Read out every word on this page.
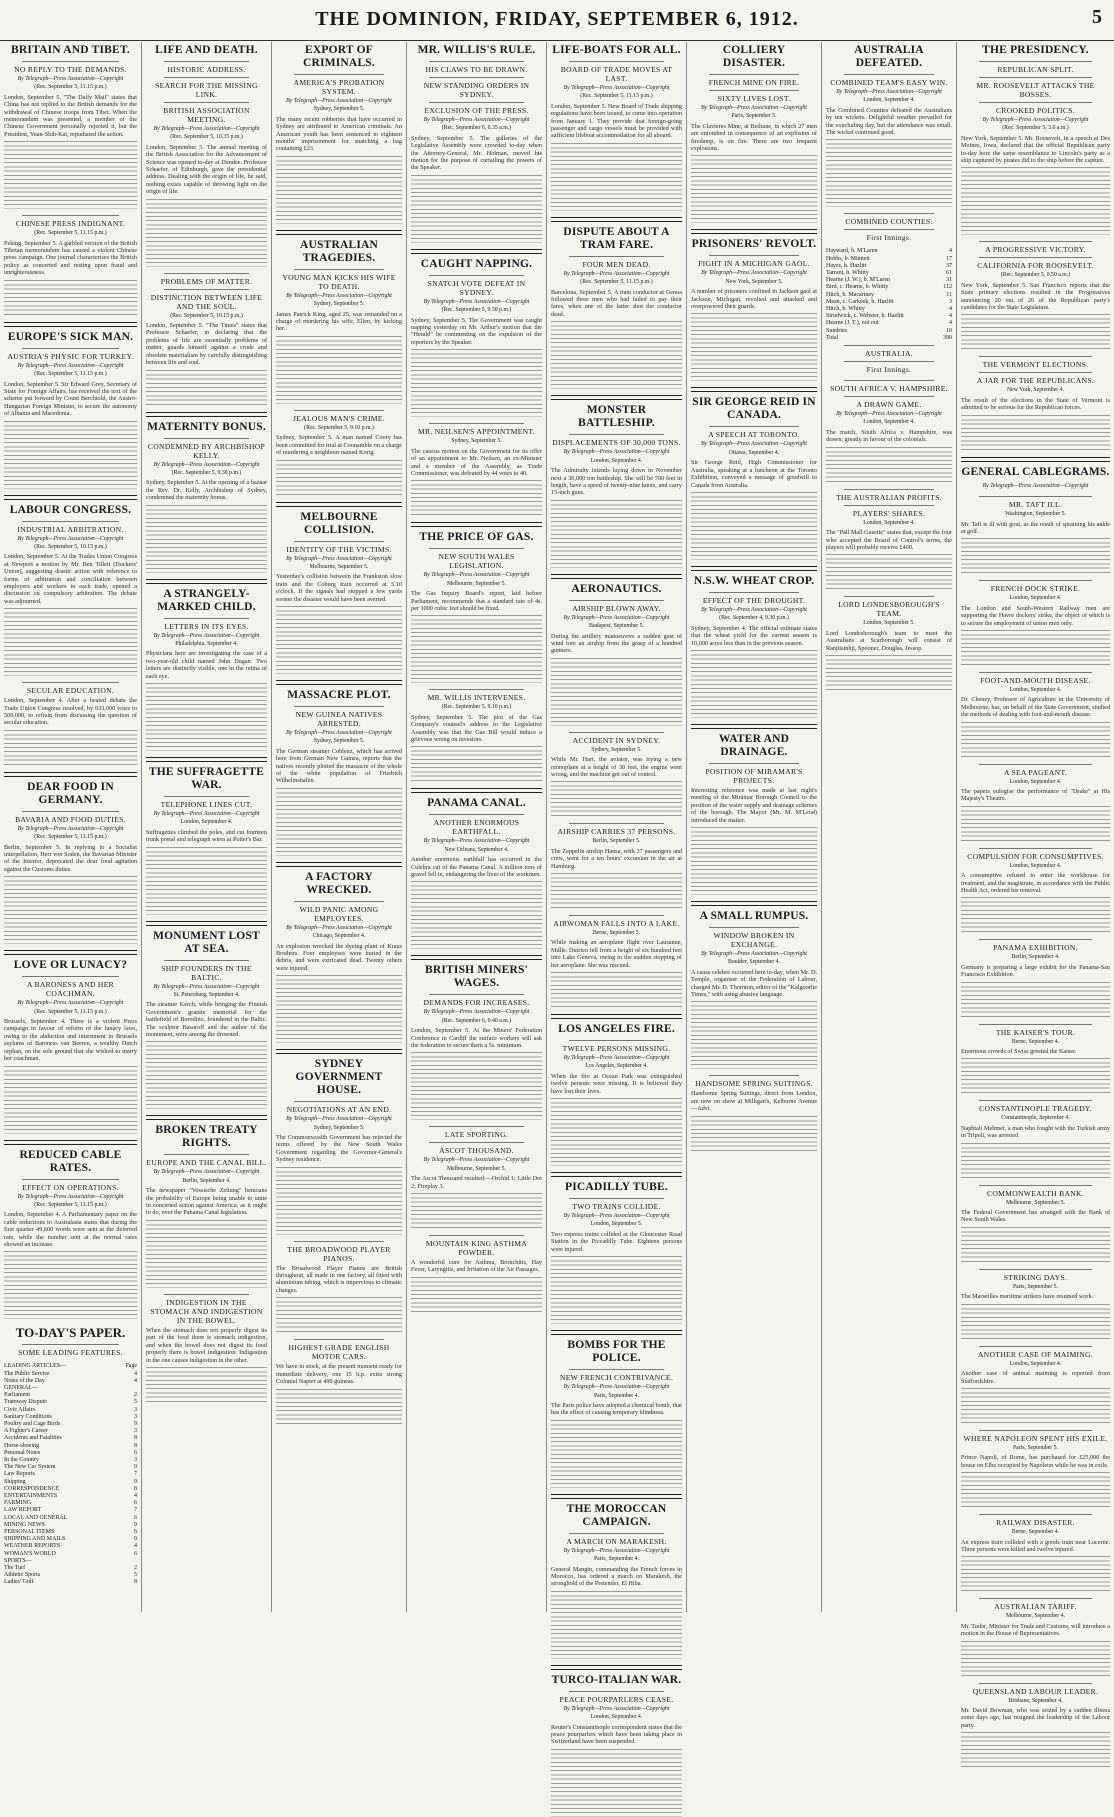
THE DOMINION, FRIDAY, SEPTEMBER 6, 1912.	5
BRITAIN AND TIBET.
NO REPLY TO THE DEMANDS.
By Telegraph—Press Association—Copyright
(Rec. September 5, 11.15 p.m.)
London, September 5. "The Daily Mail" states that China has not replied to the British demands for the withdrawal of Chinese troops from Tibet. When the memorandum was presented, a member of the Chinese Government personally rejected it, but the President, Yuan-Shih-Kai, repudiated the action.
CHINESE PRESS INDIGNANT.
(Rec. September 5, 11.15 p.m.)
Peking, September 5. A garbled version of the British Tibetan memorandum has caused a violent Chinese press campaign. One journal characterises the British policy as concerted and resting upon fraud and unrighteousness.
EUROPE'S SICK MAN.
AUSTRIA'S PHYSIC FOR TURKEY.
By Telegraph—Press Association—Copyright
(Rec. September 5, 11.15 p.m.)
London, September 5. Sir Edward Grey, Secretary of State for Foreign Affairs, has received the text of the scheme put forward by Count Berchtold, the Austro-Hungarian Foreign Minister, to secure the autonomy of Albania and Macedonia.
LABOUR CONGRESS.
INDUSTRIAL ARBITRATION.
By Telegraph—Press Association—Copyright
(Rec. September 5, 10.15 p.m.)
London, September 5. At the Trades Union Congress at Newport a motion by Mr. Ben Tillett (Dockers' Union), suggesting drastic action with reference to forms of arbitration and conciliation between employers and workers in each trade, opened a discussion on compulsory arbitration. The debate was adjourned.
SECULAR EDUCATION.
London, September 4. After a heated debate the Trade Union Congress resolved, by 633,000 votes to 509,000, to refrain from discussing the question of secular education.
DEAR FOOD IN GERMANY.
BAVARIA AND FOOD DUTIES.
By Telegraph—Press Association—Copyright
(Rec. September 5, 11.15 p.m.)
Berlin, September 5. In replying to a Socialist interpellation, Herr von Soden, the Bavarian Minister of the Interior, deprecated the dear food agitation against the Customs duties.
LOVE OR LUNACY?
A BARONESS AND HER COACHMAN.
By Telegraph—Press Association—Copyright
(Rec. September 5, 11.15 p.m.)
Brussels, September 4. There is a violent Press campaign in favour of reform of the lunacy laws, owing to the abduction and internment in Brussels asylums of Baroness van Beeren, a wealthy Dutch orphan, on the sole ground that she wished to marry her coachman.
REDUCED CABLE RATES.
EFFECT ON OPERATIONS.
By Telegraph—Press Association—Copyright
(Rec. September 5, 11.15 p.m.)
London, September 4. A Parliamentary paper on the cable reductions to Australasia states that during the first quarter 49,600 words were sent at the deferred rate, while the number sent at the normal rates showed an increase.
TO-DAY'S PAPER.
SOME LEADING FEATURES.
LEADING ARTICLES—	Page
The Public Service	4
Notes of the Day	4
GENERAL—
Parliament	2
Tramway Dispute	5
Civic Affairs	3
Sanitary Conditions	3
Poultry and Cage Birds	9
A Fighter's Career	3
Accidents and Fatalities	8
Horse-shoeing	8
Personal Notes	6
In the Country	3
The New Car System	9
Law Reports	7
Shipping	9
CORRESPONDENCE	8
ENTERTAINMENTS	4
FARMING	6
LAW REPORT	7
LOCAL AND GENERAL	6
MINING NEWS	9
PERSONAL ITEMS	6
SHIPPING AND MAILS	9
WEATHER REPORTS	4
WOMAN'S WORLD	6
SPORTS—
The Turf	2
Athletic Sports	5
Ladies' Golf	8
LIFE AND DEATH.
HISTORIC ADDRESS.
SEARCH FOR THE MISSING LINK.
BRITISH ASSOCIATION MEETING.
By Telegraph—Press Association—Copyright
(Rec. September 5, 10.35 p.m.)
London, September 5. The annual meeting of the British Association for the Advancement of Science was opened to-day at Dundee. Professor Schaefer, of Edinburgh, gave the presidential address. Dealing with the origin of life, he said, nothing exists capable of throwing light on the origin of life.
PROBLEMS OF MATTER.
DISTINCTION BETWEEN LIFE AND THE SOUL.
(Rec. September 5, 10.15 p.m.)
London, September 5. "The Times" states that Professor Schaefer, in declaring that the problems of life are essentially problems of matter, guards himself against a crude and obsolete materialism by carefully distinguishing between life and soul.
MATERNITY BONUS.
CONDEMNED BY ARCHBISHOP KELLY.
By Telegraph—Press Association—Copyright
(Rec. September 5, 9.30 p.m.)
Sydney, September 5. At the opening of a bazaar the Rev. Dr. Kelly, Archbishop of Sydney, condemned the maternity bonus.
A STRANGELY-MARKED CHILD.
LETTERS IN ITS EYES.
By Telegraph—Press Association—Copyright
Philadelphia, September 4.
Physicians here are investigating the case of a two-year-old child named John Dugan. Two letters are distinctly visible, one in the retina of each eye.
THE SUFFRAGETTE WAR.
TELEPHONE LINES CUT.
By Telegraph—Press Association—Copyright
London, September 4.
Suffragettes climbed the poles, and cut fourteen trunk postal and telegraph wires at Potter's Bar.
MONUMENT LOST AT SEA.
SHIP FOUNDERS IN THE BALTIC.
By Telegraph—Press Association—Copyright
St. Petersburg, September 4.
The steamer Kerch, while bringing the Finnish Government's granite memorial for the battlefield of Borodino, foundered in the Baltic. The sculptor Basoroff and the author of the monument, were among the drowned.
BROKEN TREATY RIGHTS.
EUROPE AND THE CANAL BILL.
By Telegraph—Press Association—Copyright
Berlin, September 4.
The newspaper "Vossische Zeitung" bemoans the probability of Europe being unable to unite in concerted action against America, as it ought to do, over the Panama Canal legislation.
INDIGESTION IN THE STOMACH AND INDIGESTION IN THE BOWEL.
When the stomach does not properly digest its part of the food there is stomach indigestion, and when the bowel does not digest its food properly there is bowel indigestion. Indigestion in the one causes indigestion in the other.
EXPORT OF CRIMINALS.
AMERICA'S PROBATION SYSTEM.
By Telegraph—Press Association—Copyright
Sydney, September 5.
The many recent robberies that have occurred in Sydney are attributed to American criminals. An American youth has been sentenced to eighteen months' imprisonment for snatching a bag containing £23.
AUSTRALIAN TRAGEDIES.
YOUNG MAN KICKS HIS WIFE TO DEATH.
By Telegraph—Press Association—Copyright
Sydney, September 5.
James Patrick King, aged 25, was remanded on a charge of murdering his wife, Ellen, by kicking her.
JEALOUS MAN'S CRIME.
(Rec. September 5, 9.10 p.m.)
Sydney, September 5. A man named Coory has been committed for trial at Coonamble on a charge of murdering a neighbour named Korig.
MELBOURNE COLLISION.
IDENTITY OF THE VICTIMS.
By Telegraph—Press Association—Copyright
Melbourne, September 5.
Yesterday's collision between the Frankston slow train and the Coburg train occurred at 5.10 o'clock. If the signals had stopped a few yards sooner the disaster would have been averted.
MASSACRE PLOT.
NEW GUINEA NATIVES ARRESTED.
By Telegraph—Press Association—Copyright
Sydney, September 5.
The German steamer Coblenz, which has arrived here from German New Guinea, reports that the natives recently plotted the massacre of the whole of the white population of Friedrich Wilhelmshafen.
A FACTORY WRECKED.
WILD PANIC AMONG EMPLOYEES.
By Telegraph—Press Association—Copyright
Chicago, September 4.
An explosion wrecked the dyeing plant of Kraus Brothers. Four employees were buried in the debris, and were extricated dead. Twenty others were injured.
SYDNEY GOVERNMENT HOUSE.
NEGOTIATIONS AT AN END.
By Telegraph—Press Association—Copyright
Sydney, September 5.
The Commonwealth Government has rejected the terms offered by the New South Wales Government regarding the Governor-General's Sydney residence.
THE BROADWOOD PLAYER PIANOS.
The Broadwood Player Pianos are British throughout, all made in one factory, all fitted with aluminium tubing, which is impervious to climatic changes.
HIGHEST GRADE ENGLISH MOTOR CARS.
We have in stock, at the present moment ready for immediate delivery, one 15 h.p. extra strong Colonial Napier at 490 guineas.
MR. WILLIS'S RULE.
HIS CLAWS TO BE DRAWN.
NEW STANDING ORDERS IN SYDNEY.
EXCLUSION OF THE PRESS.
By Telegraph—Press Association—Copyright
(Rec. September 6, 0.35 a.m.)
Sydney, September 5. The galleries of the Legislative Assembly were crowded to-day when the Attorney-General, Mr. Holman, moved his motion for the purpose of curtailing the powers of the Speaker.
CAUGHT NAPPING.
SNATCH VOTE DEFEAT IN SYDNEY.
By Telegraph—Press Association—Copyright
(Rec. September 5, 9.30 p.m.)
Sydney, September 5. The Government was caught napping yesterday on Mr. Arthur's motion that the "Herald" be commenting on the expulsion of the reporters by the Speaker.
MR. NEILSEN'S APPOINTMENT.
Sydney, September 5.
The caucus motion on the Government for its offer of an appointment to Mr. Neilsen, an ex-Minister and a member of the Assembly, as Trade Commissioner, was defeated by 44 votes to 40.
THE PRICE OF GAS.
NEW SOUTH WALES LEGISLATION.
By Telegraph—Press Association—Copyright
Melbourne, September 5.
The Gas Inquiry Board's report, laid before Parliament, recommends that a standard rate of 4s. per 1000 cubic feet should be fixed.
MR. WILLIS INTERVENES.
(Rec. September 5, 9.10 p.m.)
Sydney, September 5. The plot of the Gas Company's counsel's address to the Legislative Assembly was that the Gas Bill would induce a grievous wrong on investors.
PANAMA CANAL.
ANOTHER ENORMOUS EARTHFALL.
By Telegraph—Press Association—Copyright
New Orleans, September 4.
Another enormous earthfall has occurred in the Culebra cut of the Panama Canal. A million tons of gravel fell in, endangering the lives of the workmen.
BRITISH MINERS' WAGES.
DEMANDS FOR INCREASES.
By Telegraph—Press Association—Copyright
(Rec. September 6, 0.40 a.m.)
London, September 5. At the Miners' Federation Conference in Cardiff the surface workers will ask the federation to secure them a 5s. minimum.
LATE SPORTING.
ASCOT THOUSAND.
By Telegraph—Press Association—Copyright
Melbourne, September 5.
The Ascot Thousand resulted:—Orchid 1; Little Dot 2; Fireplay 3.
MOUNTAIN KING ASTHMA POWDER.
A wonderful cure for Asthma, Bronchitis, Hay Fever, Laryngitis, and Irritation of the Air Passages.
LIFE-BOATS FOR ALL.
BOARD OF TRADE MOVES AT LAST.
By Telegraph—Press Association—Copyright
(Rec. September 5, 11.15 p.m.)
London, September 5. New Board of Trade shipping regulations have been issued, to come into operation from January 1. They provide that foreign-going passenger and cargo vessels must be provided with sufficient lifeboat accommodation for all aboard.
DISPUTE ABOUT A TRAM FARE.
FOUR MEN DEAD.
By Telegraph—Press Association—Copyright
(Rec. September 5, 11.15 p.m.)
Barcelona, September 5. A tram conductor at Genoa followed three men who had failed to pay their fares, when one of the latter shot the conductor dead.
MONSTER BATTLESHIP.
DISPLACEMENTS OF 30,000 TONS.
By Telegraph—Press Association—Copyright
London, September 4.
The Admiralty intends laying down in November next a 30,000 ton battleship. She will be 700 feet in length, have a speed of twenty-nine knots, and carry 15-inch guns.
AERONAUTICS.
AIRSHIP BLOWN AWAY.
By Telegraph—Press Association—Copyright
Budapest, September 5.
During the artillery manoeuvres a sudden gust of wind tore an airship from the grasp of a hundred gunners.
ACCIDENT IN SYDNEY.
Sydney, September 5.
While Mr. Hart, the aviator, was trying a new monoplane at a height of 30 feet, the engine went wrong, and the machine got out of control.
AIRSHIP CARRIES 37 PERSONS.
Berlin, September 5.
The Zeppelin airship Hansa, with 37 passengers and crew, went for a ten hours' excursion in the air at Hamburg.
AIRWOMAN FALLS INTO A LAKE.
Berne, September 5.
While making an aeroplane flight over Lausanne, Mdlle. Dutrieu fell from a height of six hundred feet into Lake Geneva, owing to the sudden stopping of her aeroplane. She was rescued.
LOS ANGELES FIRE.
TWELVE PERSONS MISSING.
By Telegraph—Press Association—Copyright
Los Angeles, September 4.
When the fire at Ocean Park was extinguished twelve persons were missing. It is believed they have lost their lives.
PICADILLY TUBE.
TWO TRAINS COLLIDE.
By Telegraph—Press Association—Copyright
London, September 5.
Two express trains collided at the Gloucester Road Station in the Piccadilly Tube. Eighteen persons were injured.
BOMBS FOR THE POLICE.
NEW FRENCH CONTRIVANCE.
By Telegraph—Press Association—Copyright
Paris, September 4.
The Paris police have adopted a chemical bomb, that has the effect of causing temporary blindness.
THE MOROCCAN CAMPAIGN.
A MARCH ON MARAKESH.
By Telegraph—Press Association—Copyright
Paris, September 4.
General Mangin, commanding the French forces in Morocco, has ordered a march on Marakesh, the stronghold of the Pretender, El Hiba.
TURCO-ITALIAN WAR.
PEACE POURPARLERS CEASE.
By Telegraph—Press Association—Copyright
London, September 4.
Reuter's Constantinople correspondent states that the peace pourparlers which have been taking place in Switzerland have been suspended.
COLLIERY DISASTER.
FRENCH MINE ON FIRE.
SIXTY LIVES LOST.
By Telegraph—Press Association—Copyright
Paris, September 5.
The Clavieres Mine, at Bethune, in which 27 men are entombed in consequence of an explosion of firedamp, is on fire. There are two frequent explosions.
PRISONERS' REVOLT.
FIGHT IN A MICHIGAN GAOL.
By Telegraph—Press Association—Copyright
New York, September 5.
A number of prisoners confined in Jackson gaol at Jackson, Michigan, revolted and attacked and overpowered their guards.
SIR GEORGE REID IN CANADA.
A SPEECH AT TORONTO.
By Telegraph—Press Association—Copyright
Ottawa, September 4.
Sir George Reid, High Commissioner for Australia, speaking at a luncheon at the Toronto Exhibition, conveyed a message of goodwill to Canada from Australia.
N.S.W. WHEAT CROP.
EFFECT OF THE DROUGHT.
By Telegraph—Press Association—Copyright
(Rec. September 4, 9.30 p.m.)
Sydney, September 4. The official estimate states that the wheat yield for the current season is 10,000 acres less than in the previous season.
WATER AND DRAINAGE.
POSITION OF MIRAMAR'S PROJECTS.
Interesting reference was made at last night's meeting of the Miramar Borough Council to the position of the water supply and drainage schemes of the borough. The Mayor (Mr. M. M'Leod) introduced the matter.
A SMALL RUMPUS.
WINDOW BROKEN IN EXCHANGE.
By Telegraph—Press Association—Copyright
Boulder, September 4.
A cause celebre occurred here to-day, when Mr. D. Temple, organiser of the Federation of Labour, charged Mr. D. Thornton, editor of the "Kalgoorlie Times," with using abusive language.
HANDSOME SPRING SUITINGS.
Handsome Spring Suitings, direct from London, are now on show at Milligan's, Kelburne Avenue—Advt.
AUSTRALIA DEFEATED.
COMBINED TEAM'S EASY WIN.
By Telegraph—Press Association—Copyright
London, September 4.
The Combined Counties defeated the Australians by ten wickets. Delightful weather prevailed for the concluding day, but the attendance was small. The wicket continued good.
COMBINED COUNTIES.
First Innings.
Hayward, b. M'Laren	4
Hobbs, b. Minnett	17
Hayes, b. Hazlitt	37
Tarrant, b. Whitty	61
Hearne (J. W.), b. M'Laren	31
Bird, c. Hearne, b. Whitty	112
Hitch, b. Macartney	11
Mean, c. Carkeek, b. Hazlitt	3
Hitch, b. Whitty	4
Strudwick, c. Webster, b. Hazlitt	4
Hearne (J. T.), not out	4
Sundries	10
Total	390
AUSTRALIA.
First Innings.
SOUTH AFRICA V. HAMPSHIRE.
A DRAWN GAME.
By Telegraph—Press Association—Copyright
London, September 4.
The match, South Africa v. Hampshire, was drawn, greatly in favour of the colonials.
THE AUSTRALIAN PROFITS.
PLAYERS' SHARES.
London, September 4.
The "Pall Mall Gazette" states that, except the four who accepted the Board of Control's terms, the players will probably receive £400.
LORD LONDESBOROUGH'S TEAM.
London, September 5.
Lord Londesborough's team to meet the Australians at Scarborough will consist of Ranjitsinhji, Spooner, Douglas, Jessop.
THE PRESIDENCY.
REPUBLICAN SPLIT.
MR. ROOSEVELT ATTACKS THE BOSSES.
CROOKED POLITICS.
By Telegraph—Press Association—Copyright
(Rec. September 5, 3.0 a.m.)
New York, September 5. Mr. Roosevelt, in a speech at Des Moines, Iowa, declared that the official Republican party to-day bore the same resemblance to Lincoln's party as a ship captured by pirates did to the ship before the capture.
A PROGRESSIVE VICTORY.
CALIFORNIA FOR ROOSEVELT.
(Rec. September 5, 0.50 a.m.)
New York, September 5. San Francisco reports that the State primary elections resulted in the Progressives announcing 20 out of 26 of the Republican party's candidates for the State Legislature.
THE VERMONT ELECTIONS.
A JAR FOR THE REPUBLICANS.
New York, September 4.
The result of the elections in the State of Vermont is admitted to be serious for the Republican forces.
GENERAL CABLEGRAMS.
By Telegraph—Press Association—Copyright
MR. TAFT ILL.
Washington, September 5.
Mr. Taft is ill with gout, as the result of spraining his ankle at golf.
FRENCH DOCK STRIKE.
London, September 4.
The London and South-Western Railway men are supporting the Havre dockers' strike, the object of which is to secure the employment of union men only.
FOOT-AND-MOUTH DISEASE.
London, September 4.
Dr. Cheney, Professor of Agriculture in the University of Melbourne, has, on behalf of the State Government, studied the methods of dealing with foot-and-mouth disease.
A SEA PAGEANT.
London, September 4.
The papers eulogise the performance of "Drake" at His Majesty's Theatre.
COMPULSION FOR CONSUMPTIVES.
London, September 4.
A consumptive refused to enter the workhouse for treatment, and the magistrate, in accordance with the Public Health Act, ordered his removal.
PANAMA EXHIBITION.
Berlin, September 4.
Germany is preparing a large exhibit for the Panama-San Francisco Exhibition.
THE KAISER'S TOUR.
Berne, September 4.
Enormous crowds of Swiss greeted the Kaiser.
CONSTANTINOPLE TRAGEDY.
Constantinople, September 4.
Naphtali Mehmet, a man who fought with the Turkish army in Tripoli, was arrested.
COMMONWEALTH BANK.
Melbourne, September 5.
The Federal Government has arranged with the Bank of New South Wales.
STRIKING DAYS.
Paris, September 5.
The Marseilles maritime strikers have resumed work.
ANOTHER CASE OF MAIMING.
London, September 4.
Another case of animal maiming is reported from Staffordshire.
WHERE NAPOLEON SPENT HIS EXILE.
Paris, September 5.
Prince Napoli, of Rome, has purchased for £25,000 the house on Elba occupied by Napoleon while he was in exile.
RAILWAY DISASTER.
Berne, September 4.
An express train collided with a goods train near Lucerne. Three persons were killed and twelve injured.
AUSTRALIAN TARIFF.
Melbourne, September 4.
Mr. Tudor, Minister for Trade and Customs, will introduce a motion in the House of Representatives.
QUEENSLAND LABOUR LEADER.
Brisbane, September 4.
Mr. David Bowman, who was seized by a sudden illness some days ago, has resigned the leadership of the Labour party.
